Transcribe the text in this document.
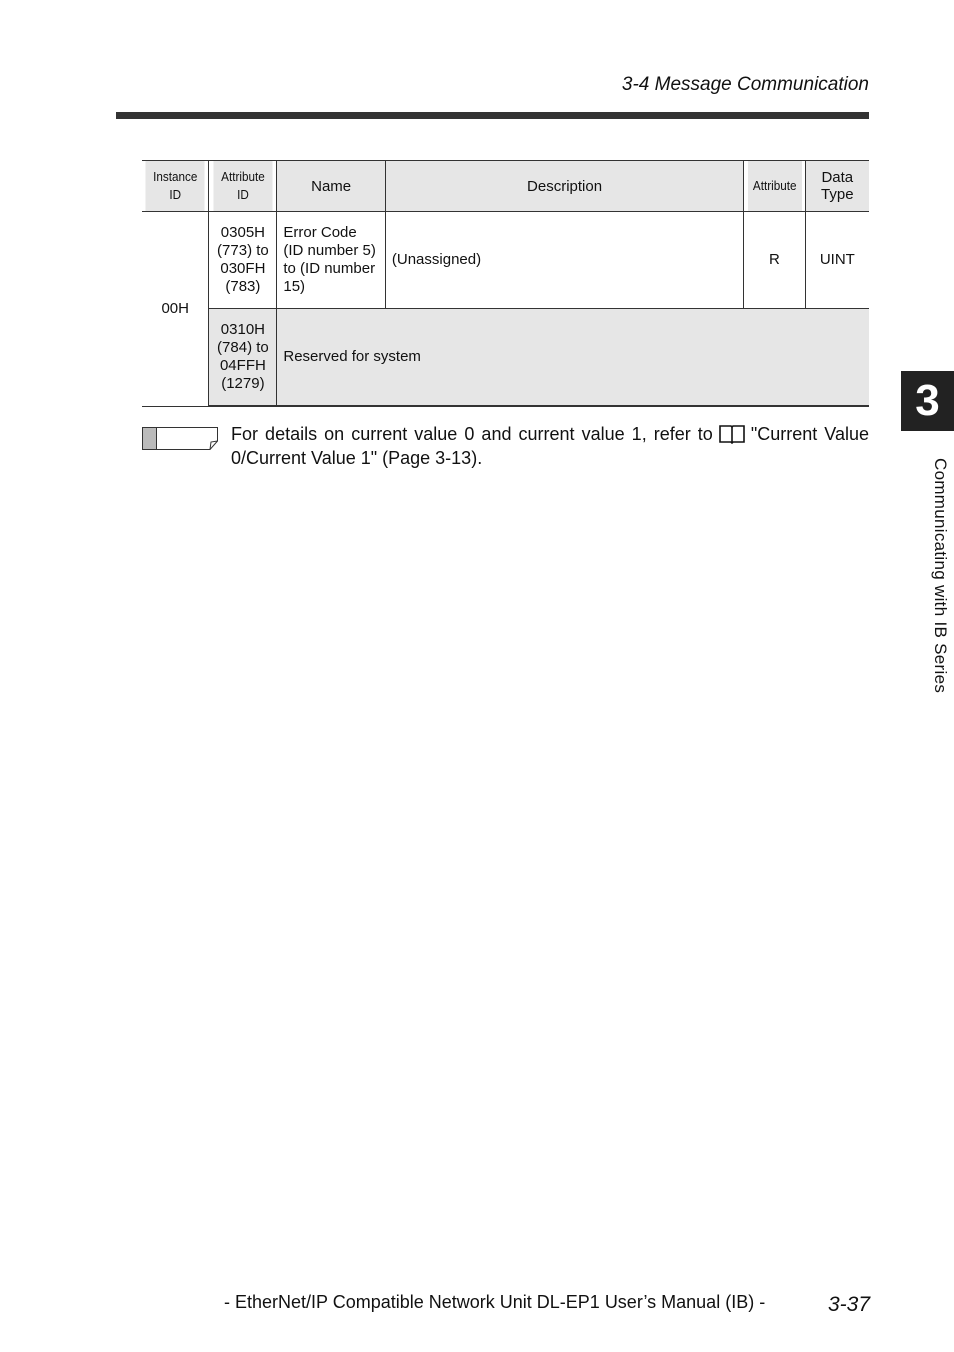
3-4 Message Communication
Instance ID	Attribute ID	Name	Description	Attribute	Data Type
00H	0305H (773) to 030FH (783)	Error Code (ID number 5) to (ID number 15)	(Unassigned)	R	UINT
	0310H (784) to 04FFH (1279)	Reserved for system			
For details on current value 0 and current value 1, refer to "Current Value 0/Current Value 1" (Page 3-13).
3
Communicating with IB Series
- EtherNet/IP Compatible Network Unit DL-EP1 User’s Manual (IB) -	3-37
